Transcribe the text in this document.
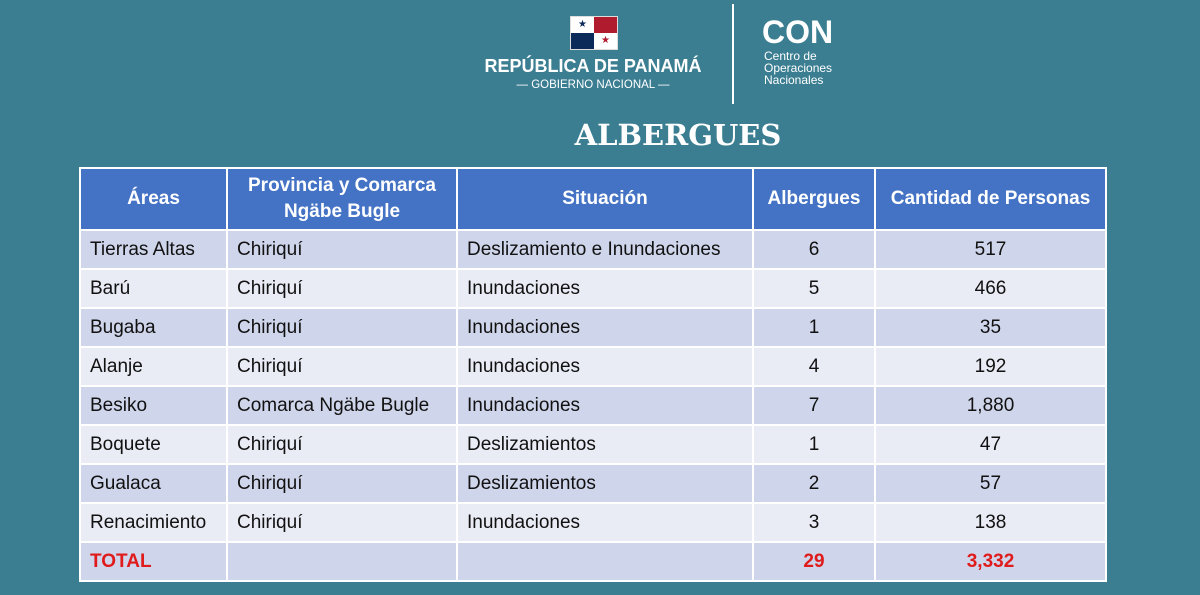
★
★
REPÚBLICA DE PANAMÁ
— GOBIERNO NACIONAL —
CON
Centro de Operaciones Nacionales
ALBERGUES
Áreas	Provincia y Comarca Ngäbe Bugle	Situación	Albergues	Cantidad de Personas
Tierras Altas	Chiriquí	Deslizamiento e Inundaciones	6	517
Barú	Chiriquí	Inundaciones	5	466
Bugaba	Chiriquí	Inundaciones	1	35
Alanje	Chiriquí	Inundaciones	4	192
Besiko	Comarca Ngäbe Bugle	Inundaciones	7	1,880
Boquete	Chiriquí	Deslizamientos	1	47
Gualaca	Chiriquí	Deslizamientos	2	57
Renacimiento	Chiriquí	Inundaciones	3	138
TOTAL			29	3,332
